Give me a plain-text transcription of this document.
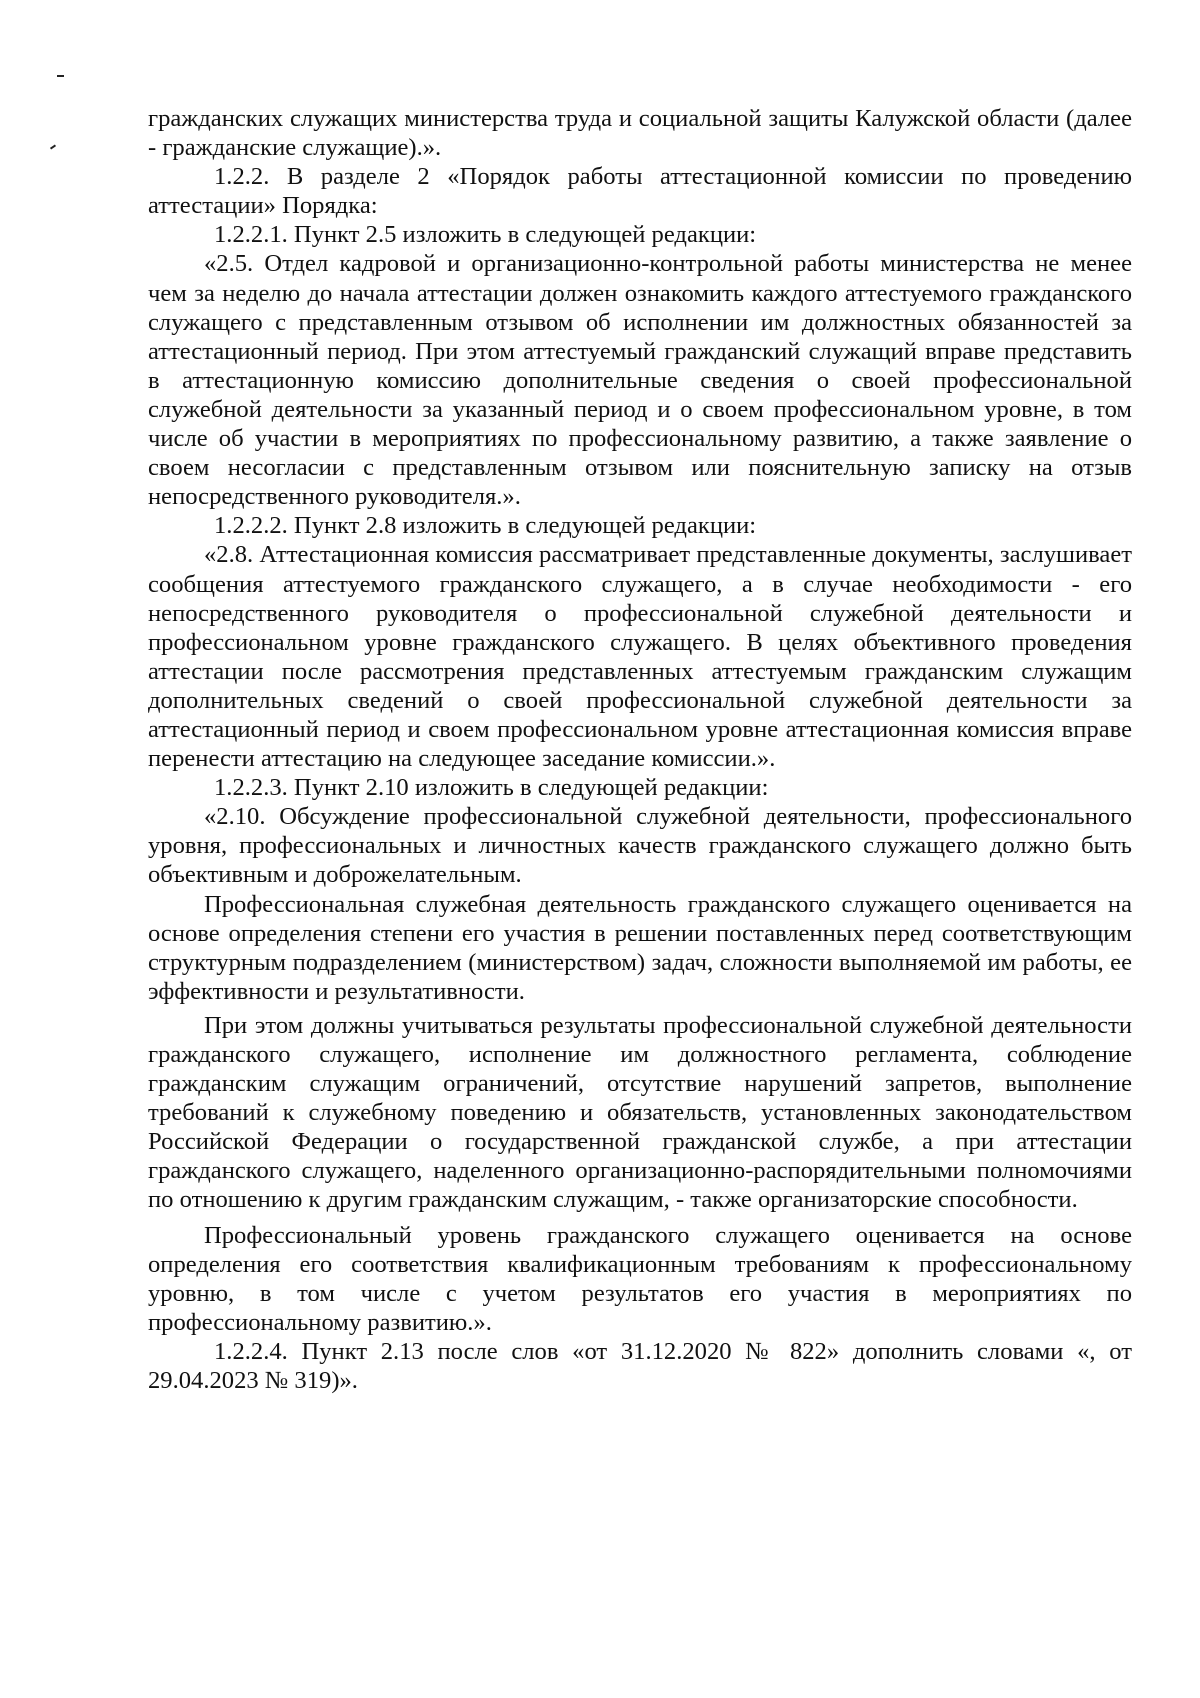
гражданских служащих министерства труда и социальной защиты Калужской области (далее - гражданские служащие).».

1.2.2. В разделе 2 «Порядок работы аттестационной комиссии по проведению аттестации» Порядка:

1.2.2.1. Пункт 2.5 изложить в следующей редакции:

«2.5. Отдел кадровой и организационно-контрольной работы министерства не менее чем за неделю до начала аттестации должен ознакомить каждого аттестуемого гражданского служащего с представленным отзывом об исполнении им должностных обязанностей за аттестационный период. При этом аттестуемый гражданский служащий вправе представить в аттестационную комиссию дополнительные сведения о своей профессиональной служебной деятельности за указанный период и о своем профессиональном уровне, в том числе об участии в мероприятиях по профессиональному развитию, а также заявление о своем несогласии с представленным отзывом или пояснительную записку на отзыв непосредственного руководителя.».

1.2.2.2. Пункт 2.8 изложить в следующей редакции:

«2.8. Аттестационная комиссия рассматривает представленные документы, заслушивает сообщения аттестуемого гражданского служащего, а в случае необходимости - его непосредственного руководителя о профессиональной служебной деятельности и профессиональном уровне гражданского служащего. В целях объективного проведения аттестации после рассмотрения представленных аттестуемым гражданским служащим дополнительных сведений о своей профессиональной служебной деятельности за аттестационный период и своем профессиональном уровне аттестационная комиссия вправе перенести аттестацию на следующее заседание комиссии.».

1.2.2.3. Пункт 2.10 изложить в следующей редакции:

«2.10. Обсуждение профессиональной служебной деятельности, профессионального уровня, профессиональных и личностных качеств гражданского служащего должно быть объективным и доброжелательным.

Профессиональная служебная деятельность гражданского служащего оценивается на основе определения степени его участия в решении поставленных перед соответствующим структурным подразделением (министерством) задач, сложности выполняемой им работы, ее эффективности и результативности.

При этом должны учитываться результаты профессиональной служебной деятельности гражданского служащего, исполнение им должностного регламента, соблюдение гражданским служащим ограничений, отсутствие нарушений запретов, выполнение требований к служебному поведению и обязательств, установленных законодательством Российской Федерации о государственной гражданской службе, а при аттестации гражданского служащего, наделенного организационно-распорядительными полномочиями по отношению к другим гражданским служащим, - также организаторские способности.

Профессиональный уровень гражданского служащего оценивается на основе определения его соответствия квалификационным требованиям к профессиональному уровню, в том числе с учетом результатов его участия в мероприятиях по профессиональному развитию.».

1.2.2.4. Пункт 2.13 после слов «от 31.12.2020 № 822» дополнить словами «, от 29.04.2023 № 319)».
